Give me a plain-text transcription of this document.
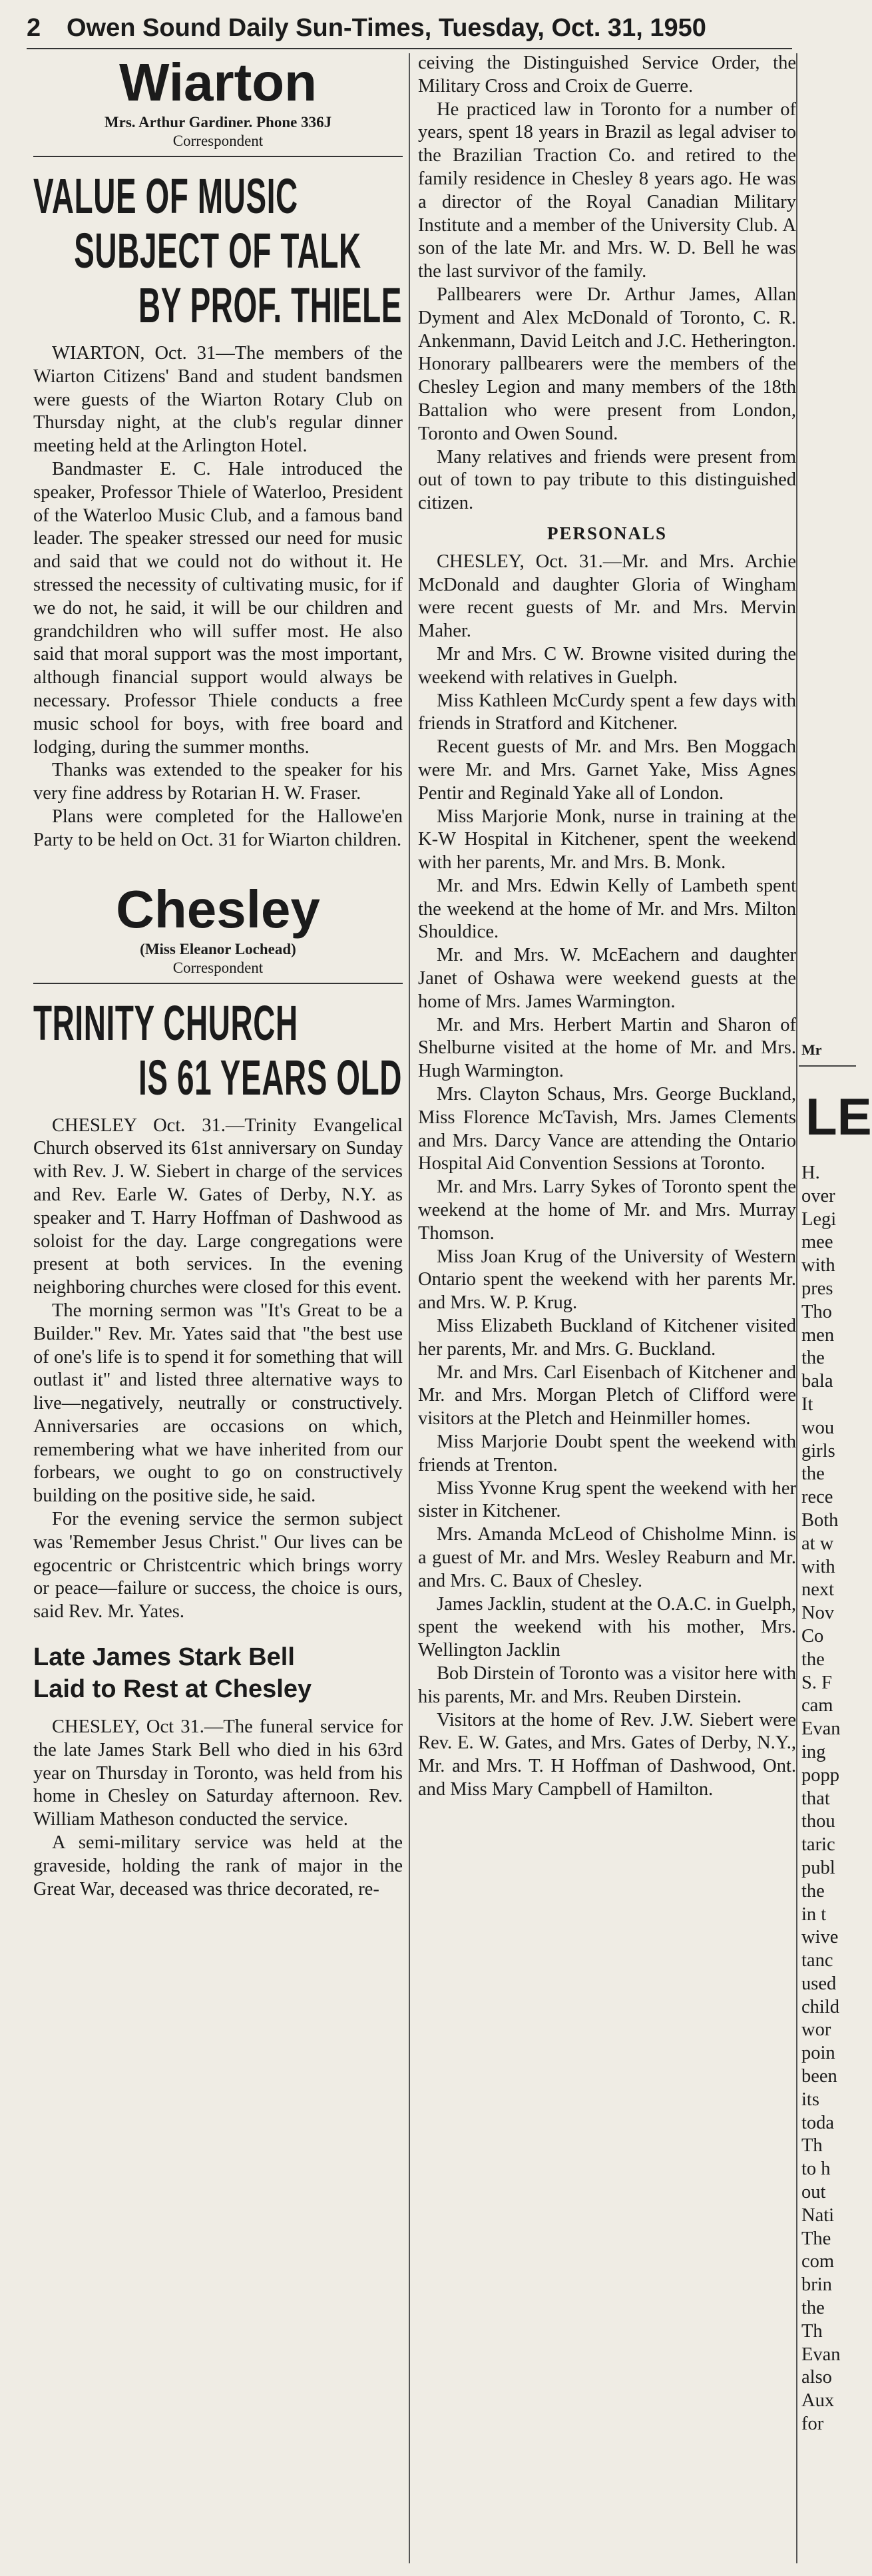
2 Owen Sound Daily Sun-Times, Tuesday, Oct. 31, 1950
Wiarton
Mrs. Arthur Gardiner. Phone 336J
Correspondent
VALUE OF MUSIC
SUBJECT OF TALK
BY PROF. THIELE

WIARTON, Oct. 31—The members of the Wiarton Citizens' Band and student bandsmen were guests of the Wiarton Rotary Club on Thursday night, at the club's regular dinner meeting held at the Arlington Hotel.

Bandmaster E. C. Hale introduced the speaker, Professor Thiele of Waterloo, President of the Waterloo Music Club, and a famous band leader. The speaker stressed our need for music and said that we could not do without it. He stressed the necessity of cultivating music, for if we do not, he said, it will be our children and grandchildren who will suffer most. He also said that moral support was the most important, although financial support would always be necessary. Professor Thiele conducts a free music school for boys, with free board and lodging, during the summer months.

Thanks was extended to the speaker for his very fine address by Rotarian H. W. Fraser.

Plans were completed for the Hallowe'en Party to be held on Oct. 31 for Wiarton children.

Chesley
(Miss Eleanor Lochead)
Correspondent
TRINITY CHURCH
IS 61 YEARS OLD

CHESLEY Oct. 31.—Trinity Evangelical Church observed its 61st anniversary on Sunday with Rev. J. W. Siebert in charge of the services and Rev. Earle W. Gates of Derby, N.Y. as speaker and T. Harry Hoffman of Dashwood as soloist for the day. Large congregations were present at both services. In the evening neighboring churches were closed for this event.

The morning sermon was "It's Great to be a Builder." Rev. Mr. Yates said that "the best use of one's life is to spend it for something that will outlast it" and listed three alternative ways to live—negatively, neutrally or constructively. Anniversaries are occasions on which, remembering what we have inherited from our forbears, we ought to go on constructively building on the positive side, he said.

For the evening service the sermon subject was 'Remember Jesus Christ." Our lives can be egocentric or Christcentric which brings worry or peace—failure or success, the choice is ours, said Rev. Mr. Yates.

Late James Stark Bell
Laid to Rest at Chesley

CHESLEY, Oct 31.—The funeral service for the late James Stark Bell who died in his 63rd year on Thursday in Toronto, was held from his home in Chesley on Saturday afternoon. Rev. William Matheson conducted the service.

A semi-military service was held at the graveside, holding the rank of major in the Great War, deceased was thrice decorated, re-

ceiving the Distinguished Service Order, the Military Cross and Croix de Guerre.

He practiced law in Toronto for a number of years, spent 18 years in Brazil as legal adviser to the Brazilian Traction Co. and retired to the family residence in Chesley 8 years ago. He was a director of the Royal Canadian Military Institute and a member of the University Club. A son of the late Mr. and Mrs. W. D. Bell he was the last survivor of the family.

Pallbearers were Dr. Arthur James, Allan Dyment and Alex McDonald of Toronto, C. R. Ankenmann, David Leitch and J.C. Hetherington. Honorary pallbearers were the members of the Chesley Legion and many members of the 18th Battalion who were present from London, Toronto and Owen Sound.

Many relatives and friends were present from out of town to pay tribute to this distinguished citizen.

PERSONALS

CHESLEY, Oct. 31.—Mr. and Mrs. Archie McDonald and daughter Gloria of Wingham were recent guests of Mr. and Mrs. Mervin Maher.

Mr and Mrs. C W. Browne visited during the weekend with relatives in Guelph.

Miss Kathleen McCurdy spent a few days with friends in Stratford and Kitchener.

Recent guests of Mr. and Mrs. Ben Moggach were Mr. and Mrs. Garnet Yake, Miss Agnes Pentir and Reginald Yake all of London.

Miss Marjorie Monk, nurse in training at the K-W Hospital in Kitchener, spent the weekend with her parents, Mr. and Mrs. B. Monk.

Mr. and Mrs. Edwin Kelly of Lambeth spent the weekend at the home of Mr. and Mrs. Milton Shouldice.

Mr. and Mrs. W. McEachern and daughter Janet of Oshawa were weekend guests at the home of Mrs. James Warmington.

Mr. and Mrs. Herbert Martin and Sharon of Shelburne visited at the home of Mr. and Mrs. Hugh Warmington.

Mrs. Clayton Schaus, Mrs. George Buckland, Miss Florence McTavish, Mrs. James Clements and Mrs. Darcy Vance are attending the Ontario Hospital Aid Convention Sessions at Toronto.

Mr. and Mrs. Larry Sykes of Toronto spent the weekend at the home of Mr. and Mrs. Murray Thomson.

Miss Joan Krug of the University of Western Ontario spent the weekend with her parents Mr. and Mrs. W. P. Krug.

Miss Elizabeth Buckland of Kitchener visited her parents, Mr. and Mrs. G. Buckland.

Mr. and Mrs. Carl Eisenbach of Kitchener and Mr. and Mrs. Morgan Pletch of Clifford were visitors at the Pletch and Heinmiller homes.

Miss Marjorie Doubt spent the weekend with friends at Trenton.

Miss Yvonne Krug spent the weekend with her sister in Kitchener.

Mrs. Amanda McLeod of Chisholme Minn. is a guest of Mr. and Mrs. Wesley Reaburn and Mr. and Mrs. C. Baux of Chesley.

James Jacklin, student at the O.A.C. in Guelph, spent the weekend with his mother, Mrs. Wellington Jacklin

Bob Dirstein of Toronto was a visitor here with his parents, Mr. and Mrs. Reuben Dirstein.

Visitors at the home of Rev. J.W. Siebert were Rev. E. W. Gates, and Mrs. Gates of Derby, N.Y., Mr. and Mrs. T. H Hoffman of Dashwood, Ont. and Miss Mary Campbell of Hamilton.

Mr

LE

H.
over
Legi
mee
with
pres
Tho
men
the
bala
It
wou
girls
the
rece
Both
at w
with
next
Nov
Co
the
S. F
cam
Evan
ing
popp
that
thou
taric
publ
the
in t
wive
tanc
used
child
wor
poin
been
its
toda
Th
to h
out
Nati
The
com
brin
the
Th
Evan
also
Aux
for
